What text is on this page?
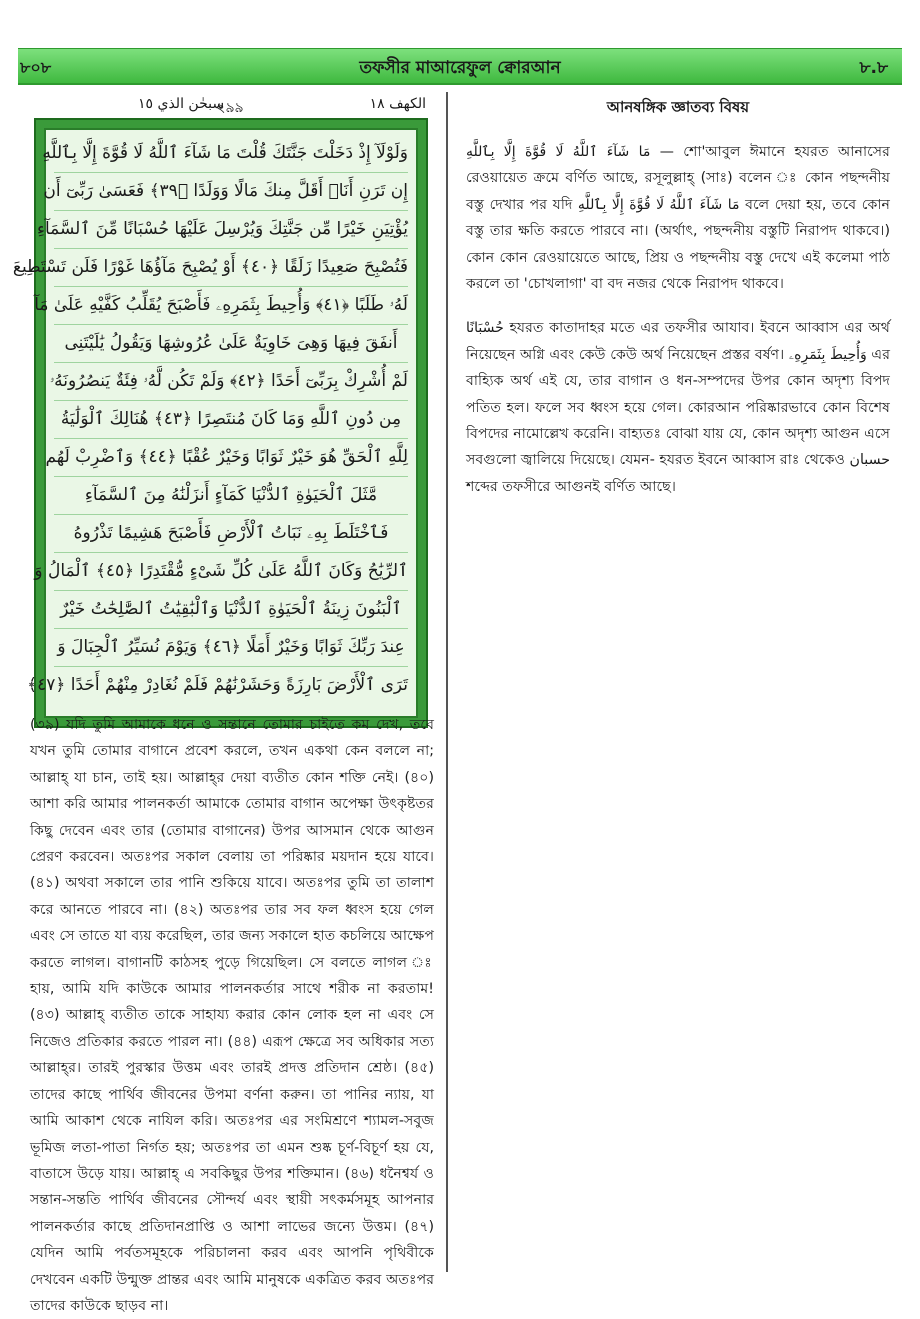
৮০৮	তফসীর মাআরেফুল ক্বোরআন	৮.৮
الكهف ١٨
২৯৯
سبحٰن الذي ١٥
وَلَوْلَآ إِذْ دَخَلْتَ جَنَّتَكَ قُلْتَ مَا شَآءَ ٱللَّهُ لَا قُوَّةَ إِلَّا بِٱللَّهِ
إِن تَرَنِ أَنَا۠ أَقَلَّ مِنكَ مَالًا وَوَلَدًا ﴿٣٩﴾ فَعَسَىٰ رَبِّىٓ أَن
يُؤْتِيَنِ خَيْرًا مِّن جَنَّتِكَ وَيُرْسِلَ عَلَيْهَا حُسْبَانًا مِّنَ ٱلسَّمَآءِ
فَتُصْبِحَ صَعِيدًا زَلَقًا ﴿٤٠﴾ أَوْ يُصْبِحَ مَآؤُهَا غَوْرًا فَلَن تَسْتَطِيعَ
لَهُۥ طَلَبًا ﴿٤١﴾ وَأُحِيطَ بِثَمَرِهِۦ فَأَصْبَحَ يُقَلِّبُ كَفَّيْهِ عَلَىٰ مَآ
أَنفَقَ فِيهَا وَهِىَ خَاوِيَةٌ عَلَىٰ عُرُوشِهَا وَيَقُولُ يَٰلَيْتَنِى
لَمْ أُشْرِكْ بِرَبِّىٓ أَحَدًا ﴿٤٢﴾ وَلَمْ تَكُن لَّهُۥ فِئَةٌ يَنصُرُونَهُۥ
مِن دُونِ ٱللَّهِ وَمَا كَانَ مُنتَصِرًا ﴿٤٣﴾ هُنَالِكَ ٱلْوَلَٰيَةُ
لِلَّهِ ٱلْحَقِّ هُوَ خَيْرٌ ثَوَابًا وَخَيْرٌ عُقْبًا ﴿٤٤﴾ وَٱضْرِبْ لَهُم
مَّثَلَ ٱلْحَيَوٰةِ ٱلدُّنْيَا كَمَآءٍ أَنزَلْنَٰهُ مِنَ ٱلسَّمَآءِ
فَٱخْتَلَطَ بِهِۦ نَبَاتُ ٱلْأَرْضِ فَأَصْبَحَ هَشِيمًا تَذْرُوهُ
ٱلرِّيَٰحُ وَكَانَ ٱللَّهُ عَلَىٰ كُلِّ شَىْءٍ مُّقْتَدِرًا ﴿٤٥﴾ ٱلْمَالُ وَ
ٱلْبَنُونَ زِينَةُ ٱلْحَيَوٰةِ ٱلدُّنْيَا وَٱلْبَٰقِيَٰتُ ٱلصَّٰلِحَٰتُ خَيْرٌ
عِندَ رَبِّكَ ثَوَابًا وَخَيْرٌ أَمَلًا ﴿٤٦﴾ وَيَوْمَ نُسَيِّرُ ٱلْجِبَالَ وَ
تَرَى ٱلْأَرْضَ بَارِزَةً وَحَشَرْنَٰهُمْ فَلَمْ نُغَادِرْ مِنْهُمْ أَحَدًا ﴿٤٧﴾
(৩৯) যদি তুমি আমাকে ধনে ও সন্তানে তোমার চাইতে কম দেখ, তবে যখন তুমি তোমার বাগানে প্রবেশ করলে, তখন একথা কেন বললে না; আল্লাহ্ যা চান, তাই হয়। আল্লাহ্‌র দেয়া ব্যতীত কোন শক্তি নেই। (৪০) আশা করি আমার পালনকর্তা আমাকে তোমার বাগান অপেক্ষা উৎকৃষ্টতর কিছু দেবেন এবং তার (তোমার বাগানের) উপর আসমান থেকে আগুন প্রেরণ করবেন। অতঃপর সকাল বেলায় তা পরিষ্কার ময়দান হয়ে যাবে। (৪১) অথবা সকালে তার পানি শুকিয়ে যাবে। অতঃপর তুমি তা তালাশ করে আনতে পারবে না। (৪২) অতঃপর তার সব ফল ধ্বংস হয়ে গেল এবং সে তাতে যা ব্যয় করেছিল, তার জন্য সকালে হাত কচলিয়ে আক্ষেপ করতে লাগল। বাগানটি কাঠসহ পুড়ে গিয়েছিল। সে বলতে লাগল ঃ হায়, আমি যদি কাউকে আমার পালনকর্তার সাথে শরীক না করতাম! (৪৩) আল্লাহ্ ব্যতীত তাকে সাহায্য করার কোন লোক হল না এবং সে নিজেও প্রতিকার করতে পারল না। (৪৪) এরূপ ক্ষেত্রে সব অধিকার সত্য আল্লাহ্‌র। তারই পুরস্কার উত্তম এবং তারই প্রদত্ত প্রতিদান শ্রেষ্ঠ। (৪৫) তাদের কাছে পার্থিব জীবনের উপমা বর্ণনা করুন। তা পানির ন্যায়, যা আমি আকাশ থেকে নাযিল করি। অতঃপর এর সংমিশ্রণে শ্যামল-সবুজ ভূমিজ লতা-পাতা নির্গত হয়; অতঃপর তা এমন শুষ্ক চূর্ণ-বিচূর্ণ হয় যে, বাতাসে উড়ে যায়। আল্লাহ্ এ সবকিছুর উপর শক্তিমান। (৪৬) ধনৈশ্বর্য ও সন্তান-সন্ততি পার্থিব জীবনের সৌন্দর্য এবং স্থায়ী সৎকর্মসমূহ আপনার পালনকর্তার কাছে প্রতিদানপ্রাপ্তি ও আশা লাভের জন্যে উত্তম। (৪৭) যেদিন আমি পর্বতসমূহকে পরিচালনা করব এবং আপনি পৃথিবীকে দেখবেন একটি উন্মুক্ত প্রান্তর এবং আমি মানুষকে একত্রিত করব অতঃপর তাদের কাউকে ছাড়ব না।
আনষঙ্গিক জ্ঞাতব্য বিষয়

مَا شَآءَ ٱللَّهُ لَا قُوَّةَ إِلَّا بِٱللَّهِ — শো'আবুল ঈমানে হযরত আনাসের রেওয়ায়েত ক্রমে বর্ণিত আছে, রসূলুল্লাহ্ (সাঃ) বলেন ঃ কোন পছন্দনীয় বস্তু দেখার পর যদি مَا شَآءَ ٱللَّهُ لَا قُوَّةَ إِلَّا بِٱللَّهِ বলে দেয়া হয়, তবে কোন বস্তু তার ক্ষতি করতে পারবে না। (অর্থাৎ, পছন্দনীয় বস্তুটি নিরাপদ থাকবে।) কোন কোন রেওয়ায়েতে আছে, প্রিয় ও পছন্দনীয় বস্তু দেখে এই কলেমা পাঠ করলে তা 'চোখলাগা' বা বদ নজর থেকে নিরাপদ থাকবে।

حُسْبَانًا হযরত কাতাদাহর মতে এর তফসীর আযাব। ইবনে আব্বাস এর অর্থ নিয়েছেন অগ্নি এবং কেউ কেউ অর্থ নিয়েছেন প্রস্তর বর্ষণ। وَأُحِيطَ بِثَمَرِهِۦ এর বাহ্যিক অর্থ এই যে, তার বাগান ও ধন-সম্পদের উপর কোন অদৃশ্য বিপদ পতিত হল। ফলে সব ধ্বংস হয়ে গেল। কোরআন পরিষ্কারভাবে কোন বিশেষ বিপদের নামোল্লেখ করেনি। বাহ্যতঃ বোঝা যায় যে, কোন অদৃশ্য আগুন এসে সবগুলো জ্বালিয়ে দিয়েছে। যেমন- হযরত ইবনে আব্বাস রাঃ থেকেও حسبان শব্দের তফসীরে আগুনই বর্ণিত আছে।
